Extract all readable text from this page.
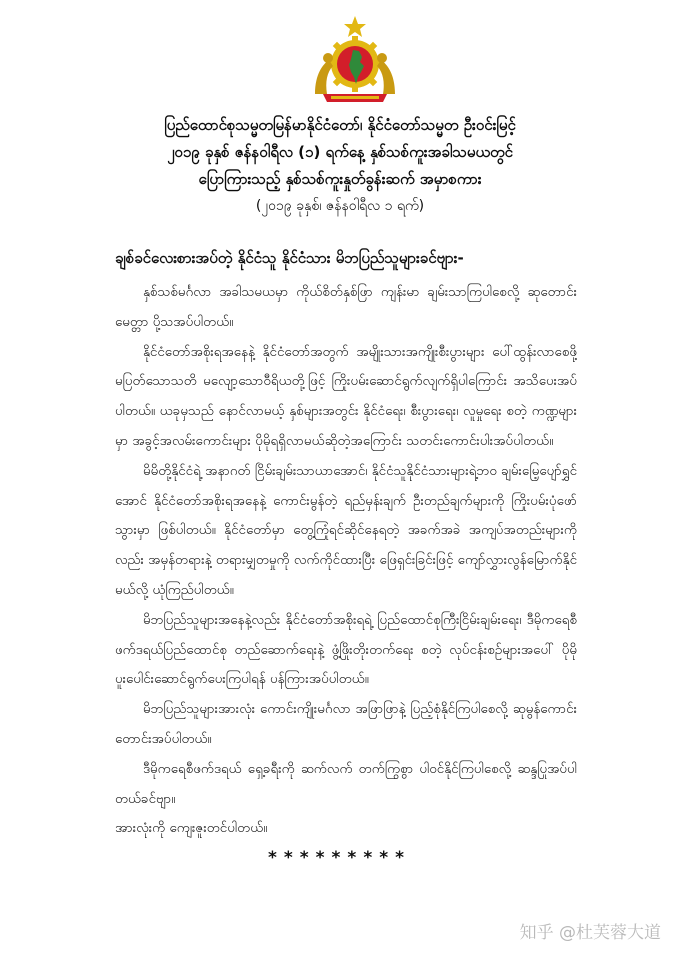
ပြည်ထောင်စုသမ္မတမြန်မာနိုင်ငံတော်၊ နိုင်ငံတော်သမ္မတ ဦးဝင်းမြင့်
၂၀၁၉ ခုနှစ် ဇန်နဝါရီလ (၁) ရက်နေ့ နှစ်သစ်ကူးအခါသမယတွင်
ပြောကြားသည့် နှစ်သစ်ကူးနှုတ်ခွန်းဆက် အမှာစကား
(၂၀၁၉ ခုနှစ်၊ ဇန်နဝါရီလ ၁ ရက်)
ချစ်ခင်လေးစားအပ်တဲ့ နိုင်ငံသူ နိုင်ငံသား မိဘပြည်သူများခင်ဗျား-

နှစ်သစ်မင်္ဂလာ အခါသမယမှာ ကိုယ်စိတ်နှစ်ဖြာ ကျန်းမာ ချမ်းသာကြပါစေလို့ ဆုတောင်းမေတ္တာ ပို့သအပ်ပါတယ်။

နိုင်ငံတော်အစိုးရအနေနဲ့ နိုင်ငံတော်အတွက် အမျိုးသားအကျိုးစီးပွားများ ပေါ်ထွန်းလာစေဖို့ မပြတ်သောသတိ မလျော့သောဝီရိယတို့ဖြင့် ကြိုးပမ်းဆောင်ရွက်လျက်ရှိပါကြောင်း အသိပေးအပ်ပါတယ်။ ယခုမှသည် နောင်လာမယ့် နှစ်များအတွင်း နိုင်ငံရေး၊ စီးပွားရေး၊ လူမှုရေး စတဲ့ ကဏ္ဍများမှာ အခွင့်အလမ်းကောင်းများ ပိုမိုရရှိလာမယ်ဆိုတဲ့အကြောင်း သတင်းကောင်းပါးအပ်ပါတယ်။

မိမိတို့နိုင်ငံရဲ့ အနာဂတ် ငြိမ်းချမ်းသာယာအောင်၊ နိုင်ငံသူနိုင်ငံသားများရဲ့ဘဝ ချမ်းမြေ့ပျော်ရွှင်အောင် နိုင်ငံတော်အစိုးရအနေနဲ့ ကောင်းမွန်တဲ့ ရည်မှန်းချက် ဦးတည်ချက်များကို ကြိုးပမ်းပုံဖော်သွားမှာ ဖြစ်ပါတယ်။ နိုင်ငံတော်မှာ တွေ့ကြုံရင်ဆိုင်နေရတဲ့ အခက်အခဲ အကျပ်အတည်းများကိုလည်း အမှန်တရားနဲ့ တရားမျှတမှုကို လက်ကိုင်ထားပြီး ဖြေရှင်းခြင်းဖြင့် ကျော်လွှားလွန်မြောက်နိုင်မယ်လို့ ယုံကြည်ပါတယ်။

မိဘပြည်သူများအနေနဲ့လည်း နိုင်ငံတော်အစိုးရရဲ့ ပြည်ထောင်စုကြီးငြိမ်းချမ်းရေး၊ ဒီမိုကရေစီဖက်ဒရယ်ပြည်ထောင်စု တည်ဆောက်ရေးနဲ့ ဖွံ့ဖြိုးတိုးတက်ရေး စတဲ့ လုပ်ငန်းစဉ်များအပေါ် ပိုမိုပူးပေါင်းဆောင်ရွက်ပေးကြပါရန် ပန်ကြားအပ်ပါတယ်။

မိဘပြည်သူများအားလုံး ကောင်းကျိုးမင်္ဂလာ အဖြာဖြာနဲ့ ပြည့်စုံနိုင်ကြပါစေလို့ ဆုမွန်ကောင်းတောင်းအပ်ပါတယ်။

ဒီမိုကရေစီဖက်ဒရယ် ရှေ့ခရီးကို ဆက်လက် တက်ကြွစွာ ပါဝင်နိုင်ကြပါစေလို့ ဆန္ဒပြုအပ်ပါတယ်ခင်ဗျာ။

အားလုံးကို ကျေးဇူးတင်ပါတယ်။

*********
知乎 @杜芙蓉大道
